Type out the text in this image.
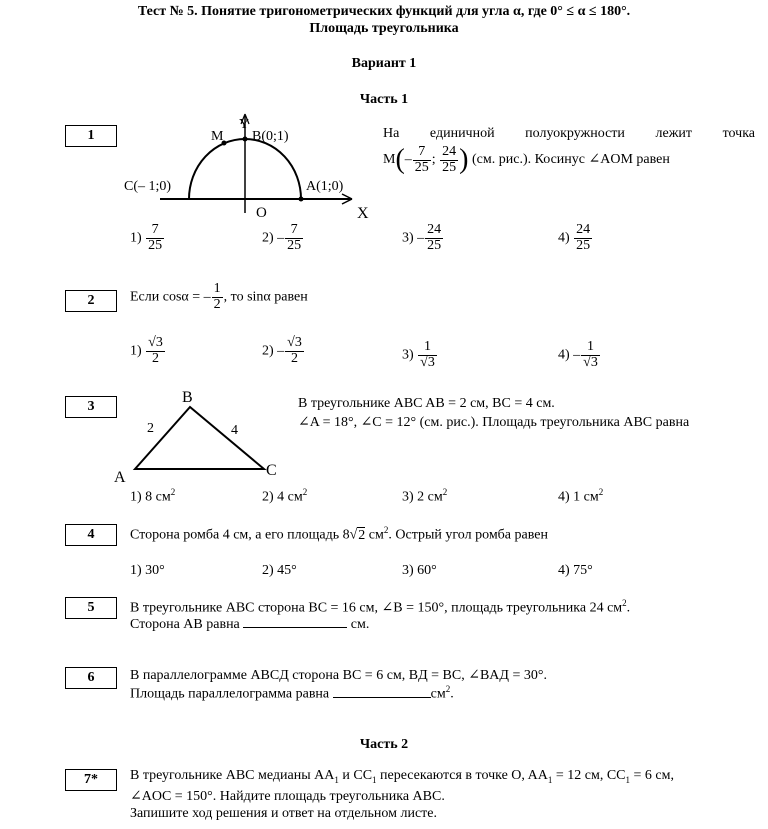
Тест № 5. Понятие тригонометрических функций для угла α, где 0° ≤ α ≤ 180°.
Площадь треугольника
Вариант 1
Часть 1
1
Y
X
O
M B(0;1)
A(1;0)
C(– 1;0)
На единичной полуокружности лежит точка
$M(- \frac{7}{25}$ ; $\frac{24}{25}$ ) (см. рис.). Косинус ∠AOM равен
$1) \frac{7}{25}$	$2) - \frac{7}{25}$	$3) - \frac{24}{25}$	$4) \frac{24}{25}$
2	Если cosα = – $\frac{1}{2}$ , то sinα равен
$1) \frac{√3}{2}$	$2) - \frac{√3}{2}$	$3) \frac{1}{√3}$	$4) - \frac{1}{√3}$
3
A
B
C
2	4
В треугольнике ABC AB = 2 см, BC = 4 см.
∠A = 18°, ∠C = 12° (см. рис.). Площадь треугольника ABC равна
1) 8 $см^2$	2) 4 $см^2$	3) 2 $см^2$	4) 1 $см^2$
4	Сторона ромба 4 см, а его площадь 8√2 $см^2$. Острый угол ромба равен
1) 30°	2) 45°	3) 60°	4) 75°
5	В треугольнике ABC сторона BC = 16 см, ∠B = 150°, площадь треугольника 24 $см^2$.
Сторона AB равна	см.
6	В параллелограмме ABCД сторона BC = 6 см, BД = BC, ∠BAД = 30°.
Площадь параллелограмма равна	$см^2$.
Часть 2
7*	В треугольнике ABC медианы $AA_1$ и $CC_1$ пересекаются в точке O, $AA_1 = 12$ см, $CC_1 = 6$ см,
∠AOC = 150°. Найдите площадь треугольника ABC.
Запишите ход решения и ответ на отдельном листе.
